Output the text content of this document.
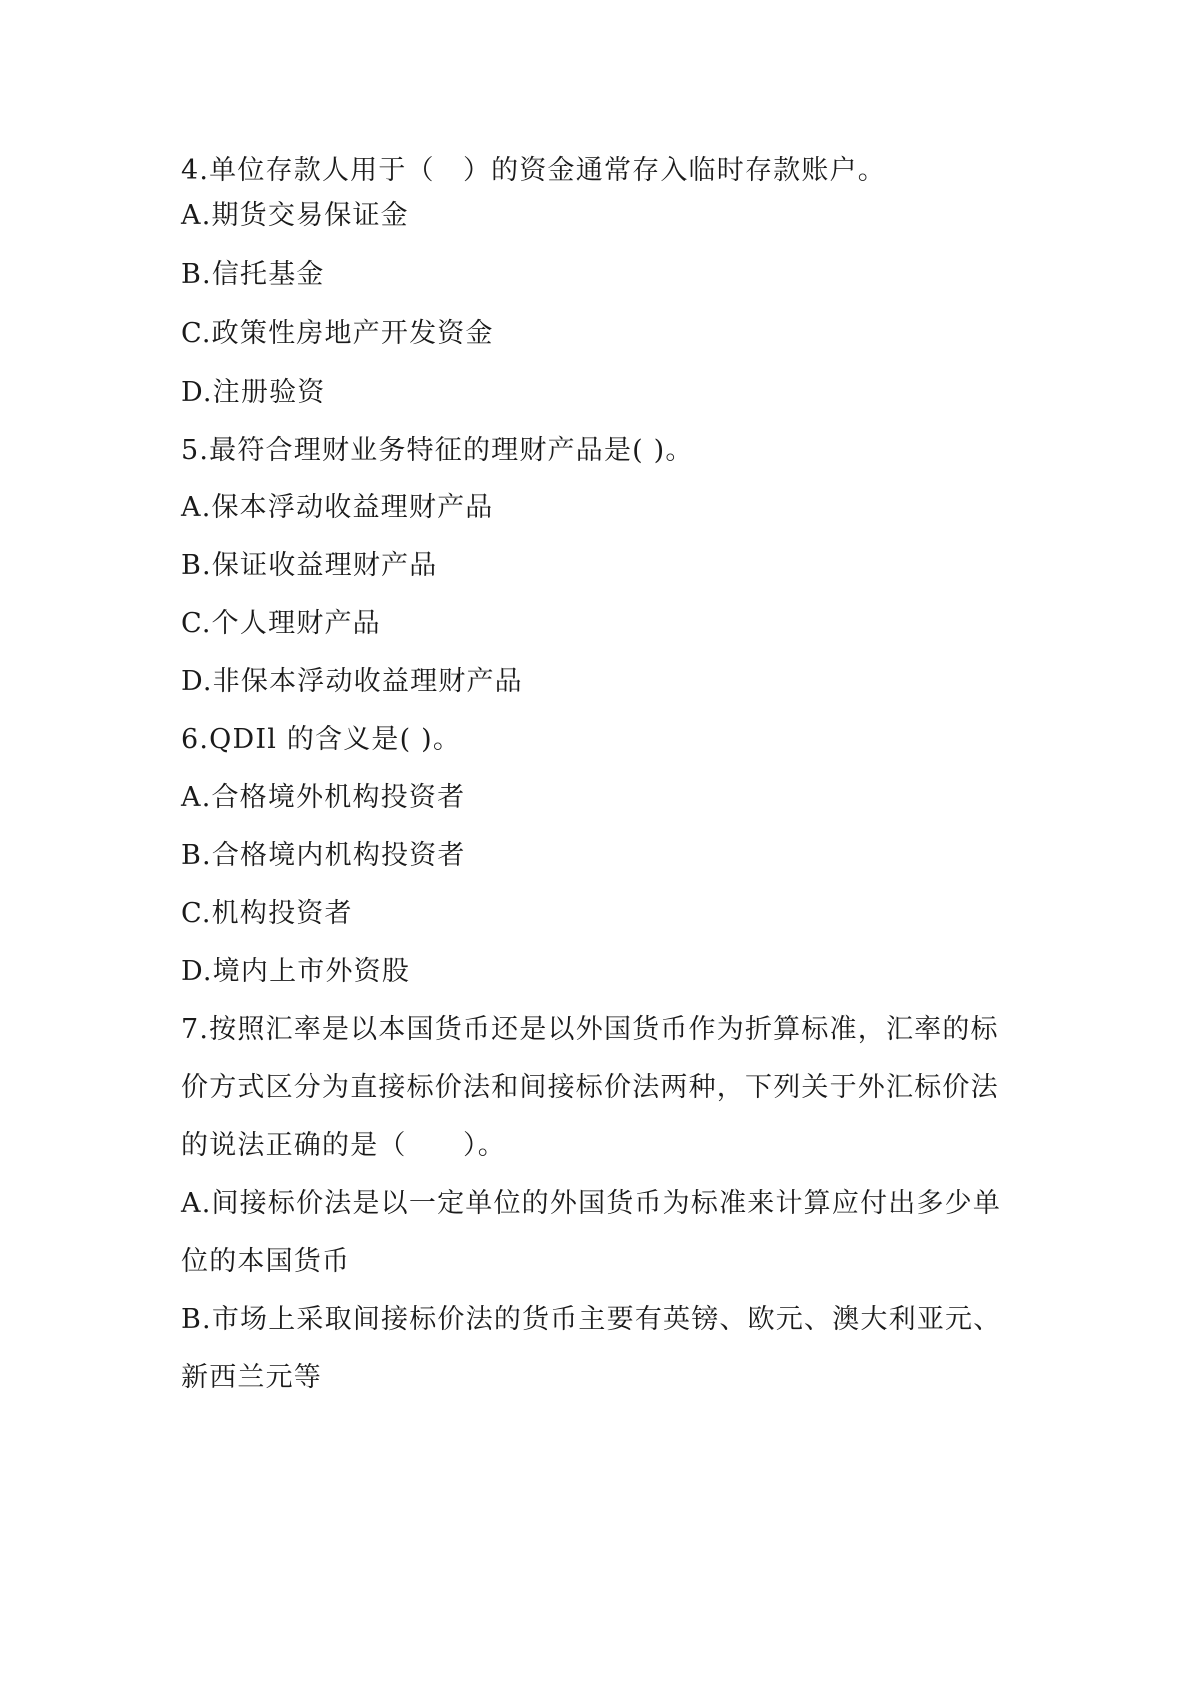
4.单位存款人用于（　）的资金通常存入临时存款账户。
A.期货交易保证金
B.信托基金
C.政策性房地产开发资金
D.注册验资
5.最符合理财业务特征的理财产品是( )。
A.保本浮动收益理财产品
B.保证收益理财产品
C.个人理财产品
D.非保本浮动收益理财产品
6.QDIl 的含义是( )。
A.合格境外机构投资者
B.合格境内机构投资者
C.机构投资者
D.境内上市外资股
7.按照汇率是以本国货币还是以外国货币作为折算标准，汇率的标
价方式区分为直接标价法和间接标价法两种，下列关于外汇标价法
的说法正确的是（　　）。
A.间接标价法是以一定单位的外国货币为标准来计算应付出多少单
位的本国货币
B.市场上采取间接标价法的货币主要有英镑、欧元、澳大利亚元、
新西兰元等
